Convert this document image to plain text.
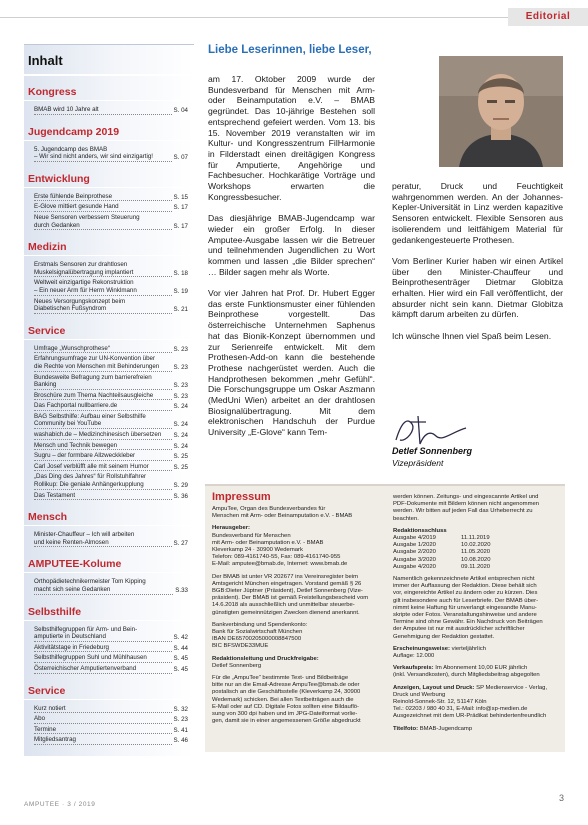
Editorial
Inhalt
Kongress
BMAB wird 10 Jahre alt	S. 04
Jugendcamp 2019
5. Jugendcamp des BMAB
– Wir sind nicht anders, wir sind einzigartig!	S. 07
Entwicklung
Erste fühlende Beinprothese	S. 15
E-Glove mittiert gesunde Hand	S. 17
Neue Sensoren verbessern Steuerung
durch Gedanken	S. 17
Medizin
Erstmals Sensoren zur drahtlosen
Muskelsignalübertragung implantiert	S. 18
Weltweit einzigartige Rekonstruktion
– Ein neuer Arm für Herrn Winklmann	S. 19
Neues Versorgungskonzept beim
Diabetischen Fußsyndrom	S. 21
Service
Umfrage „Wunschprothese“	S. 23
Erfahrungsumfrage zur UN-Konvention über
die Rechte von Menschen mit Behinderungen	S. 23
Bundesweite Befragung zum barrierefreien
Banking	S. 23
Broschüre zum Thema Nachteilsausgleiche	S. 23
Das Fachportal nullbarriere.de	S. 24
BAG Selbsthilfe: Aufbau einer Selbsthilfe
Community bei YouTube	S. 24
washabich.de – Medizinchinesisch übersetzen	S. 24
Mensch und Technik bewegen	S. 24
Sugru – der formbare Allzweckkleber	S. 25
Carl Josef verblüfft alle mit seinem Humor	S. 25
„Das Ding des Jahres“ für Rollstuhlfahrer
Rollikup: Die geniale Anhängerkupplung	S. 29
Das Testament	S. 36
Mensch
Minister-Chauffeur – Ich will arbeiten
und keine Renten-Almosen	S. 27
AMPUTEE-Kolume
Orthopädietechnikermeister Tom Kipping
macht sich seine Gedanken	S.33
Selbsthilfe
Selbsthilfegruppen für Arm- und Bein-
amputierte in Deutschland	S. 42
Aktivitätstage in Friedeburg	S. 44
Selbsthilfegruppen Suhl und Mühlhausen	S. 45
Österreichischer Amputiertenverband	S. 45
Service
Kurz notiert	S. 32
Abo	S. 23
Termine	S. 41
Mitgliedsantrag	S. 46
Liebe Leserinnen, liebe Leser,

am 17. Oktober 2009 wurde der Bundesverband für Menschen mit Arm- oder Beinamputation e.V. – BMAB gegründet. Das 10-jährige Bestehen soll entsprechend gefeiert werden. Vom 13. bis 15. November 2019 veranstalten wir im Kultur- und Kongresszentrum FilHarmonie in Filderstadt einen dreitägigen Kongress für Amputierte, Angehörige und Fachbesucher. Hochkarätige Vorträge und Workshops erwarten die Kongressbesucher.

Das diesjährige BMAB-Jugendcamp war wieder ein großer Erfolg. In dieser Amputee-Ausgabe lassen wir die Betreuer und teilnehmenden Jugendlichen zu Wort kommen und lassen „die Bilder sprechen“ … Bilder sagen mehr als Worte.

Vor vier Jahren hat Prof. Dr. Hubert Egger das erste Funktionsmuster einer fühlenden Beinprothese vorgestellt. Das österreichische Unternehmen Saphenus hat das Bionik-Konzept übernommen und zur Serienreife entwickelt. Mit dem Prothesen-Add-on kann die bestehende Prothese nachgerüstet werden. Auch die Handprothesen bekommen „mehr Gefühl“. Die Forschungsgruppe um Oskar Aszmann (MedUni Wien) arbeitet an der drahtlosen Biosignalübertragung. Mit dem elektronischen Handschuh der Purdue University „E-Glove“ kann Tem-

peratur, Druck und Feuchtigkeit wahrgenommen werden. An der Johannes-Kepler-Universität in Linz werden kapazitive Sensoren entwickelt. Flexible Sensoren aus isolierendem und leitfähigem Material für gedankengesteuerte Prothesen.

Vom Berliner Kurier haben wir einen Artikel über den Minister-Chauffeur und Beinprothesenträger Dietmar Globitza erhalten. Hier wird ein Fall veröffentlicht, der absurder nicht sein kann. Dietmar Globitza kämpft darum arbeiten zu dürfen.

Ich wünsche Ihnen viel Spaß beim Lesen.

Detlef Sonnenberg
Vizepräsident
Impressum
AmpuTee, Organ des Bundesverbandes für
Menschen mit Arm- oder Beinamputation e.V. - BMAB
Herausgeber:
Bundesverband für Menschen
mit Arm- oder Beinamputation e.V. - BMAB
Kleverkamp 24 · 30900 Wedemark
Telefon: 089-4161740-55, Fax: 089-4161740-955
E-Mail: amputee@bmab.de, Internet: www.bmab.de
Der BMAB ist unter VR 202677 ins Vereinsregister beim
Amtsgericht München eingetragen. Vorstand gemäß § 26
BGB:Dieter Jüptner (Präsident), Detlef Sonnenberg (Vize-
präsident). Der BMAB ist gemäß Freistellungsbescheid vom
14.6.2018 als ausschließlich und unmittelbar steuerbe-
günstigten gemeinnützigen Zwecken dienend anerkannt.
Bankverbindung und Spendenkonto:
Bank für Sozialwirtschaft München
IBAN DE65700205000008847500
BIC BFSWDE33MUE
Redaktionsleitung und Druckfreigabe:
Detlef Sonnenberg
Für die „AmpuTee“ bestimmte Text- und Bildbeiträge
bitte nur an die Email-Adresse AmpuTee@bmab.de oder
postalisch an die Geschäftsstelle (Kleverkamp 24, 30900
Wedemark) schicken. Bei allen Textbeiträgen auch die
E-Mail oder auf CD. Digitale Fotos sollten eine Bildauflö-
sung von 300 dpi haben und im JPG-Dateiformat vorlie-
gen, damit sie in einer angemessenen Größe abgedruckt
werden können. Zeitungs- und eingescannte Artikel und
PDF-Dokumente mit Bildern können nicht angenommen
werden. Wir bitten auf jeden Fall das Urheberrecht zu
beachten.
Redaktionsschluss
Ausgabe 4/2019	11.11.2019
Ausgabe 1/2020	10.02.2020
Ausgabe 2/2020	11.05.2020
Ausgabe 3/2020	10.08.2020
Ausgabe 4/2020	09.11.2020
Namentlich gekennzeichnete Artikel entsprechen nicht
immer der Auffassung der Redaktion. Diese behält sich
vor, eingereichte Artikel zu ändern oder zu kürzen. Dies
gilt insbesondere auch für Leserbriefe. Der BMAB über-
nimmt keine Haftung für unverlangt eingesandte Manu-
skripte oder Fotos. Veranstaltungshinweise und andere
Termine sind ohne Gewähr. Ein Nachdruck von Beiträgen
der Amputee ist nur mit ausdrücklicher schriftlicher
Genehmigung der Redaktion gestattet.
Erscheinungsweise: vierteljährlich
Auflage: 12.000
Verkaufspreis: Im Abonnement 10,00 EUR jährlich
(inkl. Versandkosten), durch Mitgliedsbeitrag abgegolten
Anzeigen, Layout und Druck: SP Medienservice - Verlag, Druck und Werbung
Reinold-Sonnek-Str. 12, 51147 Köln
Tel.: 02203 / 980 40 31, E-Mail: info@sp-medien.de
Ausgezeichnet mit dem UR-Prädikat behindertenfreundlich
Titelfoto: BMAB-Jugendcamp
AMPUTEE · 3 / 2019
3
